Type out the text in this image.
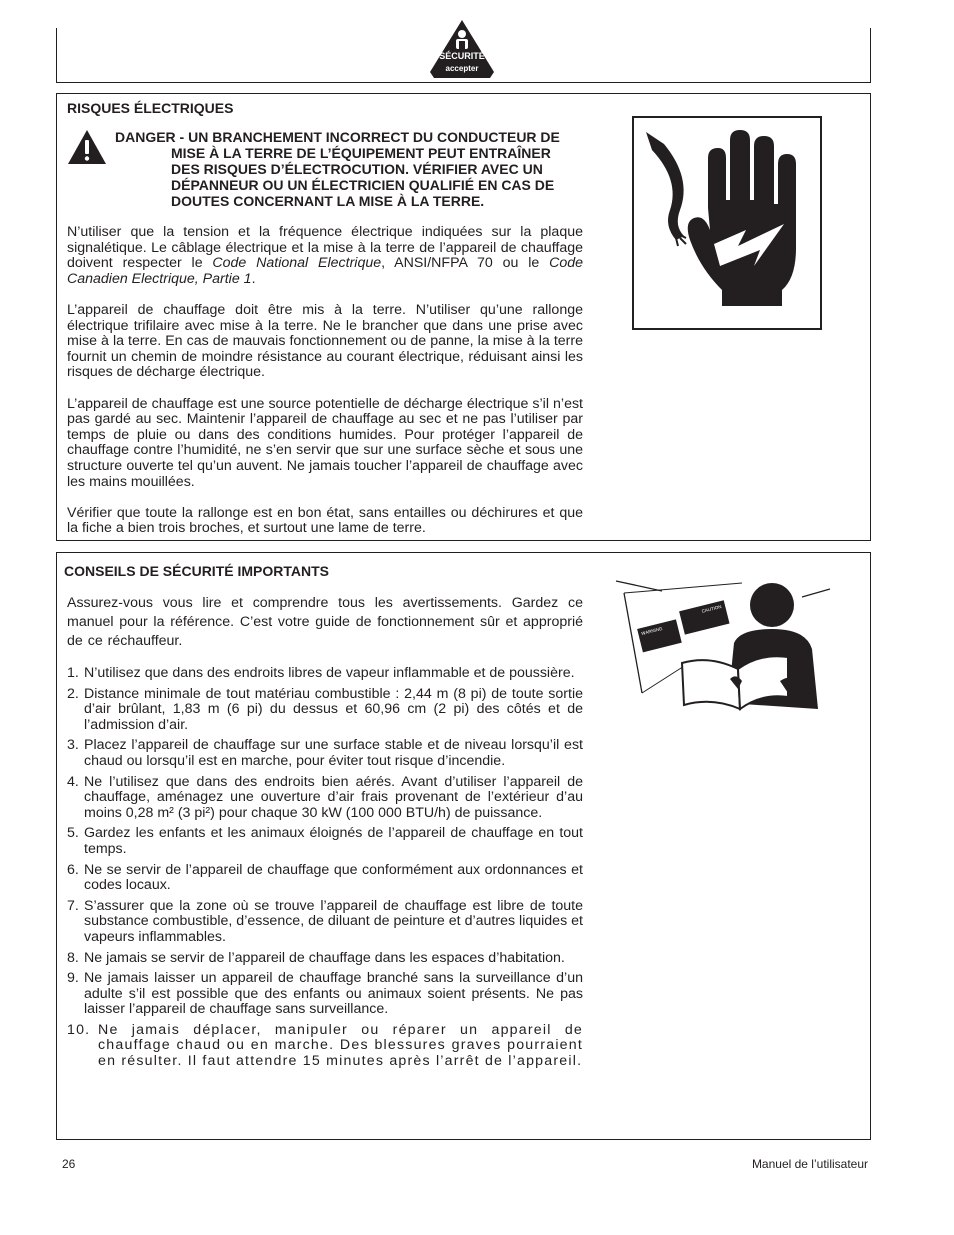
SÉCURITÉ
accepter
RISQUES ÉLECTRIQUES
DANGER - UN BRANCHEMENT INCORRECT DU CONDUCTEUR DE MISE À LA TERRE DE L’ÉQUIPEMENT PEUT ENTRAÎNER DES RISQUES D’ÉLECTROCUTION. VÉRIFIER AVEC UN DÉPANNEUR OU UN ÉLECTRICIEN QUALIFIÉ EN CAS DE DOUTES CONCERNANT LA MISE À LA TERRE.

N’utiliser que la tension et la fréquence électrique indiquées sur la plaque signalétique. Le câblage électrique et la mise à la terre de l’appareil de chauffage doivent respecter le Code National Electrique, ANSI/NFPA 70 ou le Code Canadien Electrique, Partie 1.

L’appareil de chauffage doit être mis à la terre. N’utiliser qu’une rallonge électrique trifilaire avec mise à la terre. Ne le brancher que dans une prise avec mise à la terre. En cas de mauvais fonctionnement ou de panne, la mise à la terre fournit un chemin de moindre résistance au courant électrique, réduisant ainsi les risques de décharge électrique.

L’appareil de chauffage est une source potentielle de décharge électrique s’il n’est pas gardé au sec. Maintenir l’appareil de chauffage au sec et ne pas l’utiliser par temps de pluie ou dans des conditions humides. Pour protéger l’appareil de chauffage contre l’humidité, ne s’en servir que sur une surface sèche et sous une structure ouverte tel qu’un auvent. Ne jamais toucher l’appareil de chauffage avec les mains mouillées.

Vérifier que toute la rallonge est en bon état, sans entailles ou déchirures et que la fiche a bien trois broches, et surtout une lame de terre.

CONSEILS DE SÉCURITÉ IMPORTANTS

Assurez-vous vous lire et comprendre tous les avertissements. Gardez ce manuel pour la référence. C’est votre guide de fonctionnement sûr et approprié de ce réchauffeur.

1. N’utilisez que dans des endroits libres de vapeur inflammable et de poussière.
2. Distance minimale de tout matériau combustible : 2,44 m (8 pi) de toute sortie d’air brûlant, 1,83 m (6 pi) du dessus et 60,96 cm (2 pi) des côtés et de l’admission d’air.
3. Placez l’appareil de chauffage sur une surface stable et de niveau lorsqu’il est chaud ou lorsqu’il est en marche, pour éviter tout risque d’incendie.
4. Ne l’utilisez que dans des endroits bien aérés. Avant d’utiliser l’appareil de chauffage, aménagez une ouverture d’air frais provenant de l’extérieur d’au moins 0,28 m² (3 pi²) pour chaque 30 kW (100 000 BTU/h) de puissance.
5. Gardez les enfants et les animaux éloignés de l’appareil de chauffage en tout temps.
6. Ne se servir de l’appareil de chauffage que conformément aux ordonnances et codes locaux.
7. S’assurer que la zone où se trouve l’appareil de chauffage est libre de toute substance combustible, d’essence, de diluant de peinture et d’autres liquides et vapeurs inflammables.
8. Ne jamais se servir de l’appareil de chauffage dans les espaces d’habitation.
9. Ne jamais laisser un appareil de chauffage branché sans la surveillance d’un adulte s’il est possible que des enfants ou animaux soient présents. Ne pas laisser l’appareil de chauffage sans surveillance.
10. Ne jamais déplacer, manipuler ou réparer un appareil de chauffage chaud ou en marche. Des blessures graves pourraient en résulter. Il faut attendre 15 minutes après l’arrêt de l’appareil.
WARNING
CAUTION
26	Manuel de l’utilisateur
